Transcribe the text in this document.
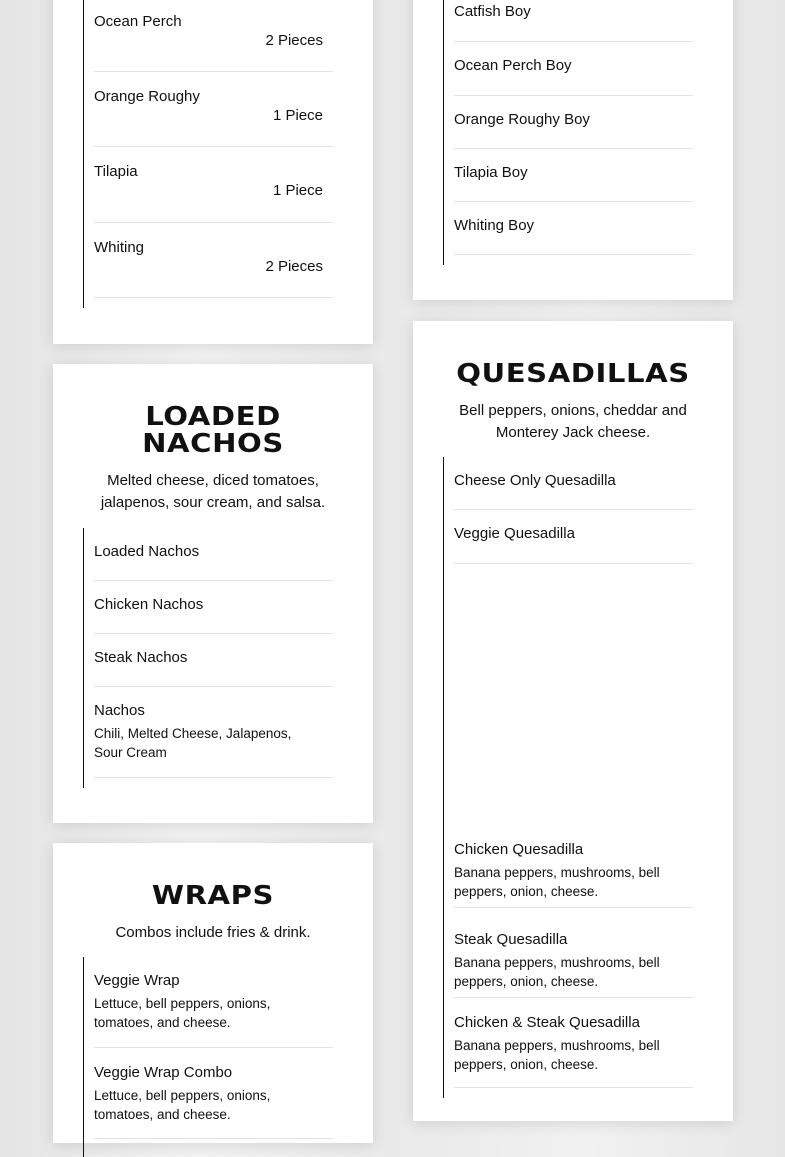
Ocean Perch
2 Pieces
Orange Roughy
1 Piece
Tilapia
1 Piece
Whiting
2 Pieces
Catfish Boy
Ocean Perch Boy
Orange Roughy Boy
Tilapia Boy
Whiting Boy
LOADED
NACHOS
Melted cheese, diced tomatoes, jalapenos, sour cream, and salsa.
Loaded Nachos
Chicken Nachos
Steak Nachos
Nachos
Chili, Melted Cheese, Jalapenos, Sour Cream
QUESADILLAS
Bell peppers, onions, cheddar and Monterey Jack cheese.
Cheese Only Quesadilla
Veggie Quesadilla
Chicken Quesadilla
Banana peppers, mushrooms, bell peppers, onion, cheese.
Steak Quesadilla
Banana peppers, mushrooms, bell peppers, onion, cheese.
Chicken & Steak Quesadilla
Banana peppers, mushrooms, bell peppers, onion, cheese.
WRAPS
Combos include fries & drink.
Veggie Wrap
Lettuce, bell peppers, onions, tomatoes, and cheese.
Veggie Wrap Combo
Lettuce, bell peppers, onions, tomatoes, and cheese.
